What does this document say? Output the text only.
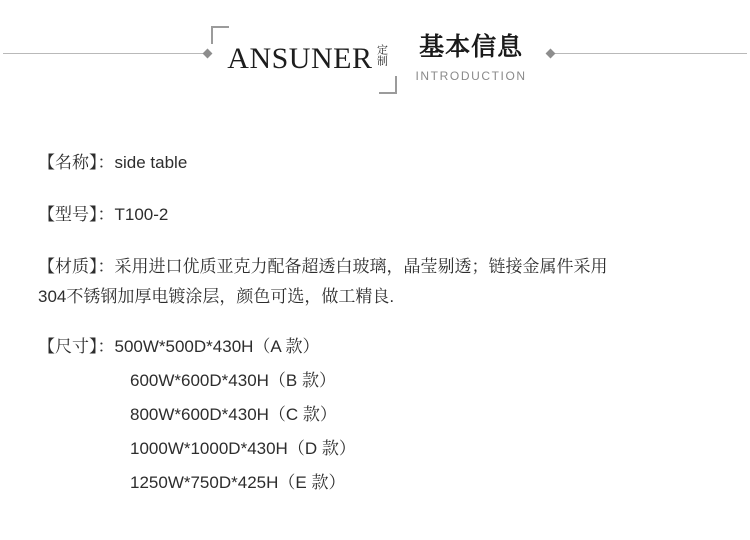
ANSUNER 定制 基本信息
INTRODUCTION
【名称】：side table
【型号】：T100-2
【材质】：采用进口优质亚克力配备超透白玻璃，晶莹剔透；链接金属件采用
304不锈钢加厚电镀涂层，颜色可选，做工精良.
【尺寸】：500W*500D*430H（A 款）
600W*600D*430H（B 款）
800W*600D*430H（C 款）
1000W*1000D*430H（D 款）
1250W*750D*425H（E 款）
